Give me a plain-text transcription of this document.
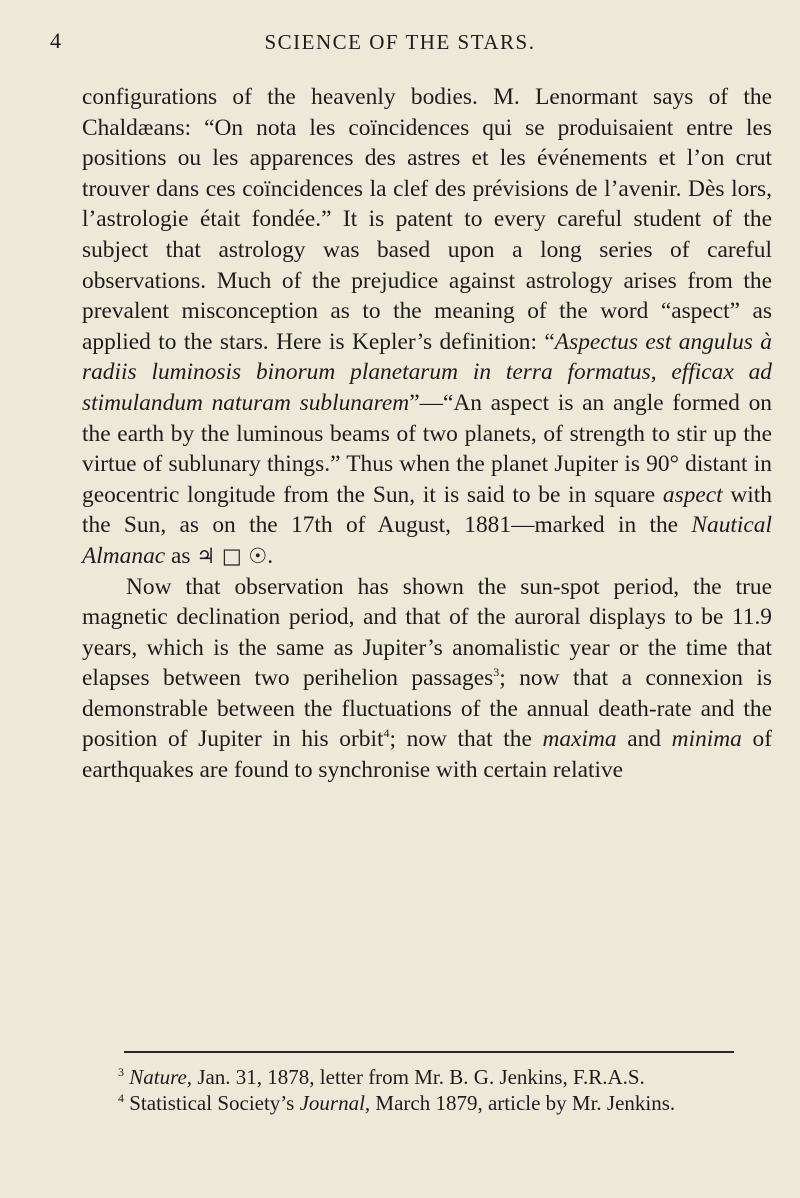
4	SCIENCE OF THE STARS.

configurations of the heavenly bodies. M. Lenormant says of the Chaldæans: “On nota les coïncidences qui se produisaient entre les positions ou les apparences des astres et les événements et l’on crut trouver dans ces coïncidences la clef des prévisions de l’avenir. Dès lors, l’astrologie était fondée.” It is patent to every careful student of the subject that astrology was based upon a long series of careful observations. Much of the prejudice against astrology arises from the prevalent misconception as to the meaning of the word “aspect” as applied to the stars. Here is Kepler’s definition: “Aspectus est angulus à radiis luminosis binorum planetarum in terra formatus, efficax ad stimulandum naturam sublunarem”—“An aspect is an angle formed on the earth by the luminous beams of two planets, of strength to stir up the virtue of sublunary things.” Thus when the planet Jupiter is 90° distant in geocentric longitude from the Sun, it is said to be in square aspect with the Sun, as on the 17th of August, 1881—marked in the Nautical Almanac as ♃ □ ☉.

Now that observation has shown the sun-spot period, the true magnetic declination period, and that of the auroral displays to be 11.9 years, which is the same as Jupiter’s anomalistic year or the time that elapses between two perihelion passages$^3$; now that a connexion is demonstrable between the fluctuations of the annual death-rate and the position of Jupiter in his orbit$^4$; now that the maxima and minima of earthquakes are found to synchronise with certain relative

$^3$ Nature, Jan. 31, 1878, letter from Mr. B. G. Jenkins, F.R.A.S.

$^4$ Statistical Society’s Journal, March 1879, article by Mr. Jenkins.
